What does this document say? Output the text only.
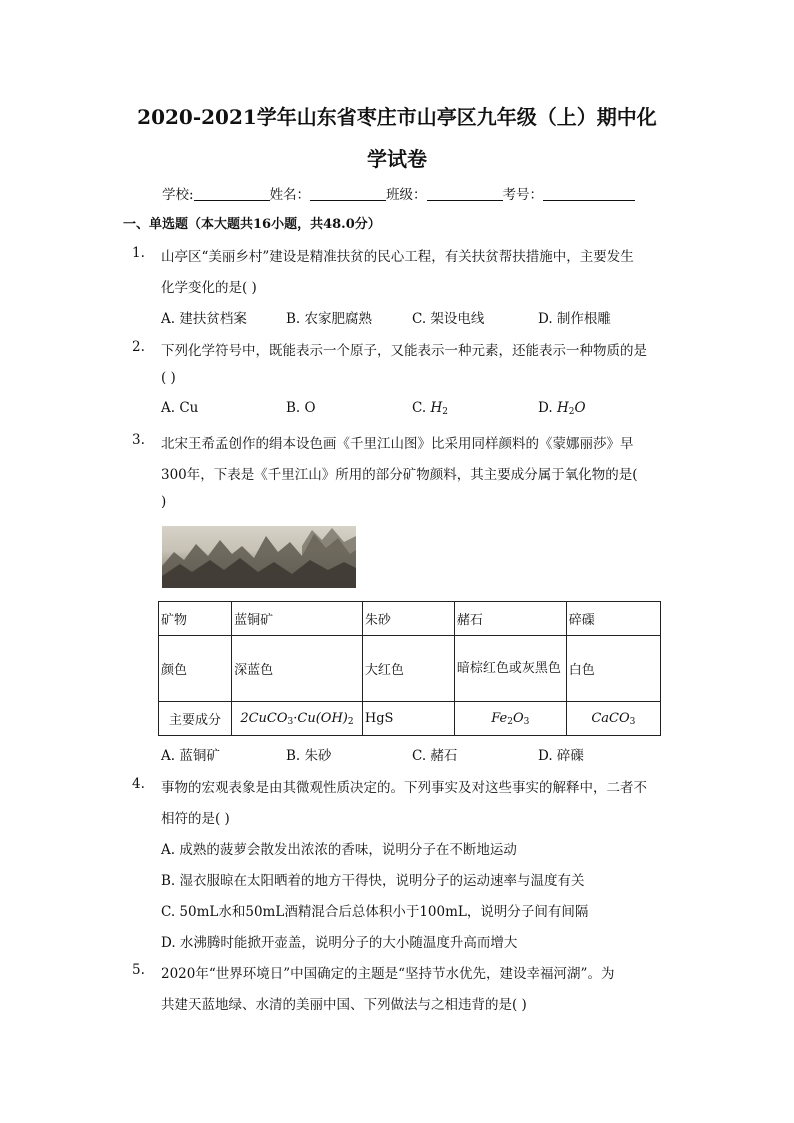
2020-2021学年山东省枣庄市山亭区九年级（上）期中化
学试卷
学校:	姓名：	班级：	考号：
一、单选题（本大题共16小题，共48.0分）
1. 山亭区“美丽乡村”建设是精准扶贫的民心工程，有关扶贫帮扶措施中，主要发生
化学变化的是( )
A. 建扶贫档案	B. 农家肥腐熟	C. 架设电线	D. 制作根雕
2. 下列化学符号中，既能表示一个原子，又能表示一种元素，还能表示一种物质的是
( )
A. Cu	B. O	C. $H_2$	D. $H_2O$
3. 北宋王希孟创作的绢本设色画《千里江山图》比采用同样颜料的《蒙娜丽莎》早
300年，下表是《千里江山》所用的部分矿物颜料，其主要成分属于氧化物的是(
)
矿物	蓝铜矿	朱砂	赭石	碎磲
颜色	深蓝色	大红色	暗棕红色或灰黑色	白色
主要成分	$2CuCO_3\cdot Cu(OH)_2$	HgS	$Fe_2O_3$	CaCO$_3$
A. 蓝铜矿	B. 朱砂	C. 赭石	D. 碎磲
4. 事物的宏观表象是由其微观性质决定的。下列事实及对这些事实的解释中，二者不
相符的是( )
A. 成熟的菠萝会散发出浓浓的香味，说明分子在不断地运动
B. 湿衣服晾在太阳晒着的地方干得快，说明分子的运动速率与温度有关
C. 50mL水和50mL酒精混合后总体积小于100mL，说明分子间有间隔
D. 水沸腾时能掀开壶盖，说明分子的大小随温度升高而增大
5. 2020年“世界环境日”中国确定的主题是“坚持节水优先，建设幸福河湖”。为
共建天蓝地绿、水清的美丽中国、下列做法与之相违背的是( )
